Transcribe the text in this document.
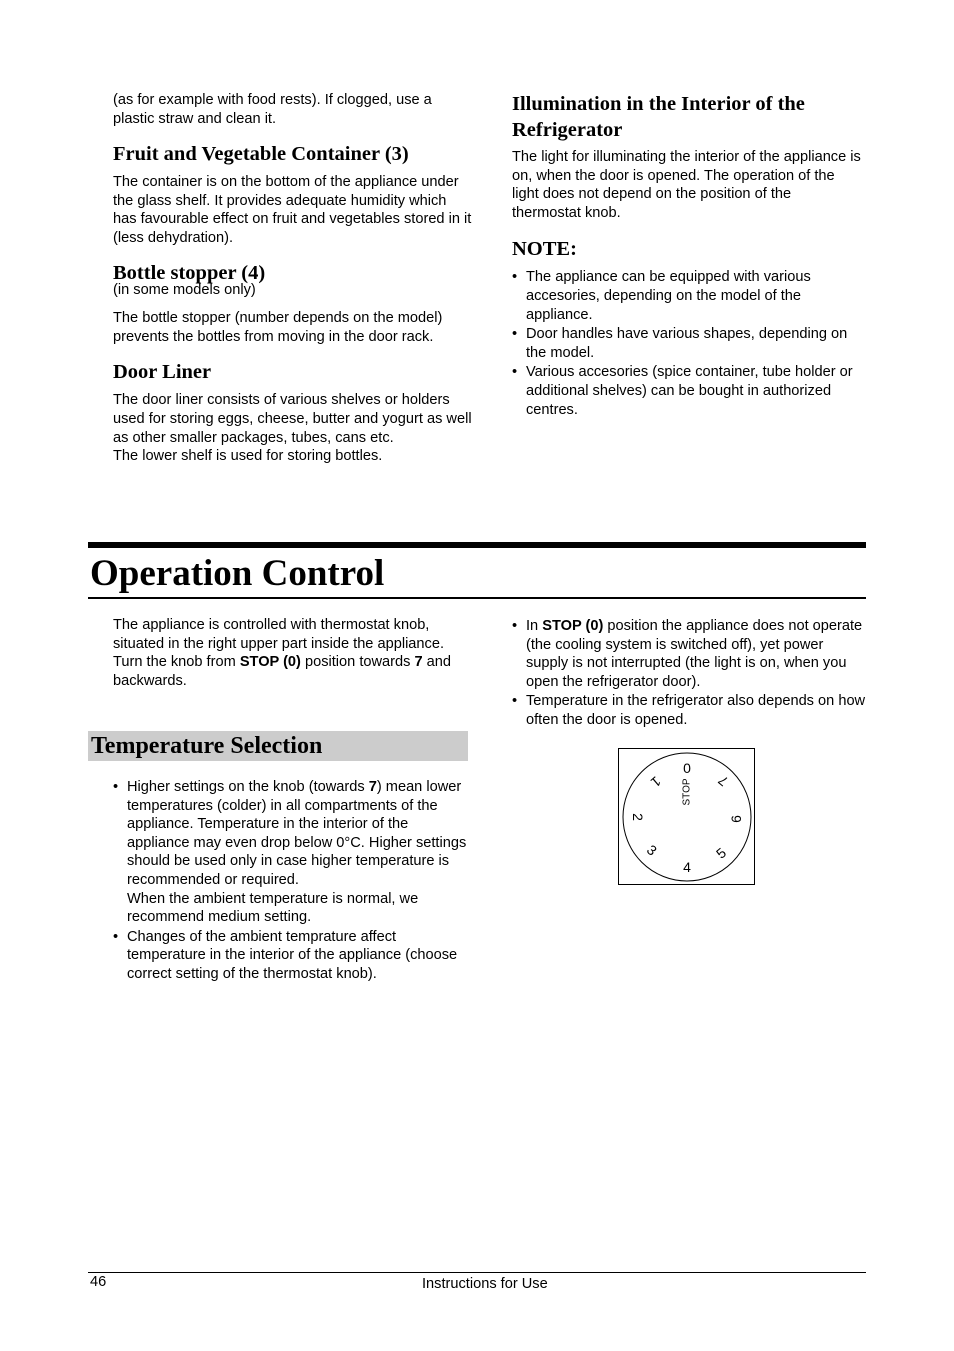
(as for example with food rests). If clogged, use a plastic straw and clean it.

Fruit and Vegetable Container (3)

The container is on the bottom of the appliance under the glass shelf. It provides adequate humidity which has favourable effect on fruit and vegetables stored in it (less dehydration).

Bottle stopper (4)

(in some models only)

The bottle stopper (number depends on the model) prevents the bottles from moving in the door rack.

Door Liner

The door liner consists of various shelves or holders used for storing eggs, cheese, butter and yogurt as well as other smaller packages, tubes, cans etc.

The lower shelf is used for storing bottles.

Illumination in the Interior of the Refrigerator

The light for illuminating the interior of the appliance is on, when the door is opened. The operation of the light does not depend on the position of the thermostat knob.

NOTE:
• The appliance can be equipped with various accesories, depending on the model of the appliance.
• Door handles have various shapes, depending on the model.
• Various accesories (spice container, tube holder or additional shelves) can be bought in authorized centres.
Operation Control

The appliance is controlled with thermostat knob, situated in the right upper part inside the appliance.

Turn the knob from STOP (0) position towards 7 and backwards.

Temperature Selection
• Higher settings on the knob (towards 7) mean lower temperatures (colder) in all compartments of the appliance. Temperature in the interior of the appliance may even drop below 0°C. Higher settings should be used only in case higher temperature is recommended or required.
When the ambient temperature is normal, we recommend medium setting.
• Changes of the ambient temprature affect temperature in the interior of the appliance (choose correct setting of the thermostat knob).
• In STOP (0) position the appliance does not operate (the cooling system is switched off), yet power supply is not interrupted (the light is on, when you open the refrigerator door).
• Temperature in the refrigerator also depends on how often the door is opened.
0
STOP
1
2
3
4
5
6
7
46	Instructions for Use
